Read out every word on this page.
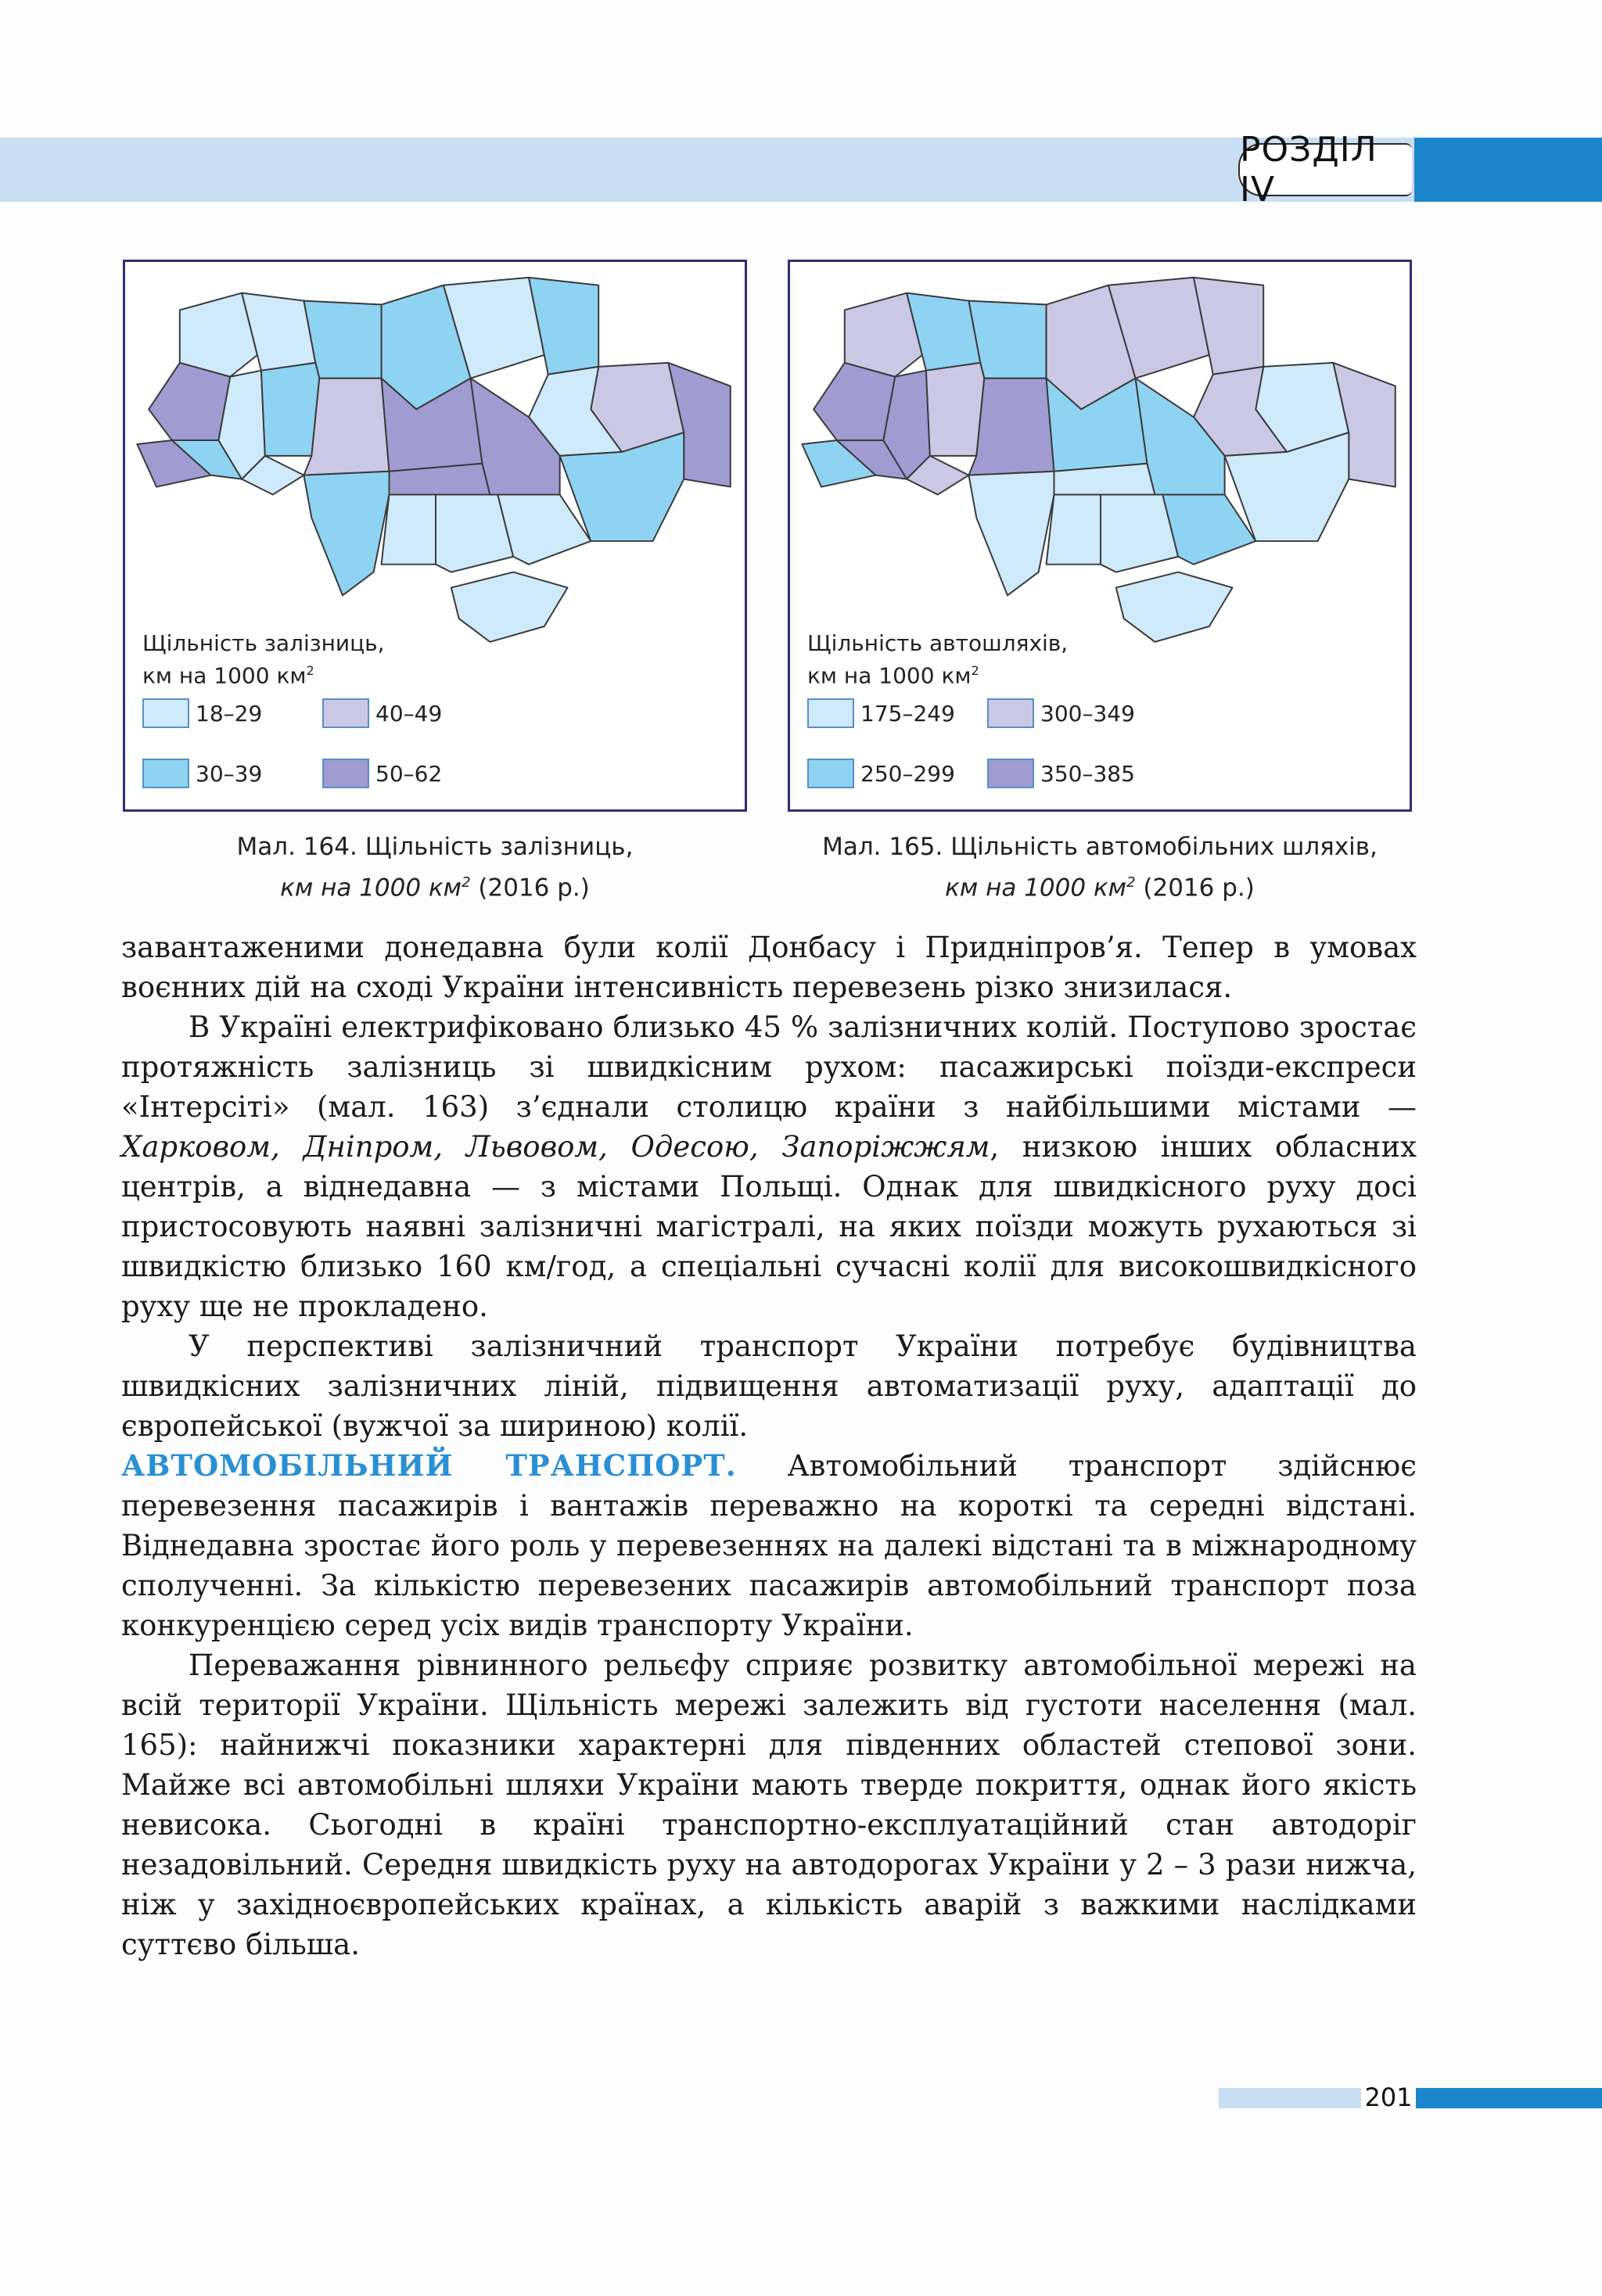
РОЗДІЛ IV
Щільність залізниць,
км на 1000 $км^2$
18–29	40–49
30–39	50–62
Щільність автошляхів,
км на 1000 $км^2$
175–249	300–349
250–299	350–385
Мал. 164. Щільність залізниць,
км на 1000 $км^2$ (2016 р.)
Мал. 165. Щільність автомобільних шляхів,
км на 1000 $км^2$ (2016 р.)

завантаженими донедавна були колії Донбасу і Придніпров’я. Тепер в умовах воєнних дій на сході України інтенсивність перевезень різко знизилася.

В Україні електрифіковано близько 45 % залізничних колій. Поступово зростає протяжність залізниць зі швидкісним рухом: пасажирські поїзди-експреси «Інтерсіті» (мал. 163) з’єднали столицю країни з найбільшими містами — Харковом, Дніпром, Львовом, Одесою, Запоріжжям, низкою інших обласних центрів, а віднедавна — з містами Польщі. Однак для швидкісного руху досі пристосовують наявні залізничні магістралі, на яких поїзди можуть рухаються зі швидкістю близько 160 км/год, а спеціальні сучасні колії для високошвидкісного руху ще не прокладено.

У перспективі залізничний транспорт України потребує будівництва швидкісних залізничних ліній, підвищення автоматизації руху, адаптації до європейської (вужчої за шириною) колії.

АВТОМОБІЛЬНИЙ ТРАНСПОРТ. Автомобільний транспорт здійснює перевезення пасажирів і вантажів переважно на короткі та середні відстані. Віднедавна зростає його роль у перевезеннях на далекі відстані та в міжнародному сполученні. За кількістю перевезених пасажирів автомобільний транспорт поза конкуренцією серед усіх видів транспорту України.

Переважання рівнинного рельєфу сприяє розвитку автомобільної мережі на всій території України. Щільність мережі залежить від густоти населення (мал. 165): найнижчі показники характерні для південних областей степової зони. Майже всі автомобільні шляхи України мають тверде покриття, однак його якість невисока. Сьогодні в країні транспортно-експлуатаційний стан автодоріг незадовільний. Середня швидкість руху на автодорогах України у 2 – 3 рази нижча, ніж у західноєвропейських країнах, а кількість аварій з важкими наслідками суттєво більша.

201
